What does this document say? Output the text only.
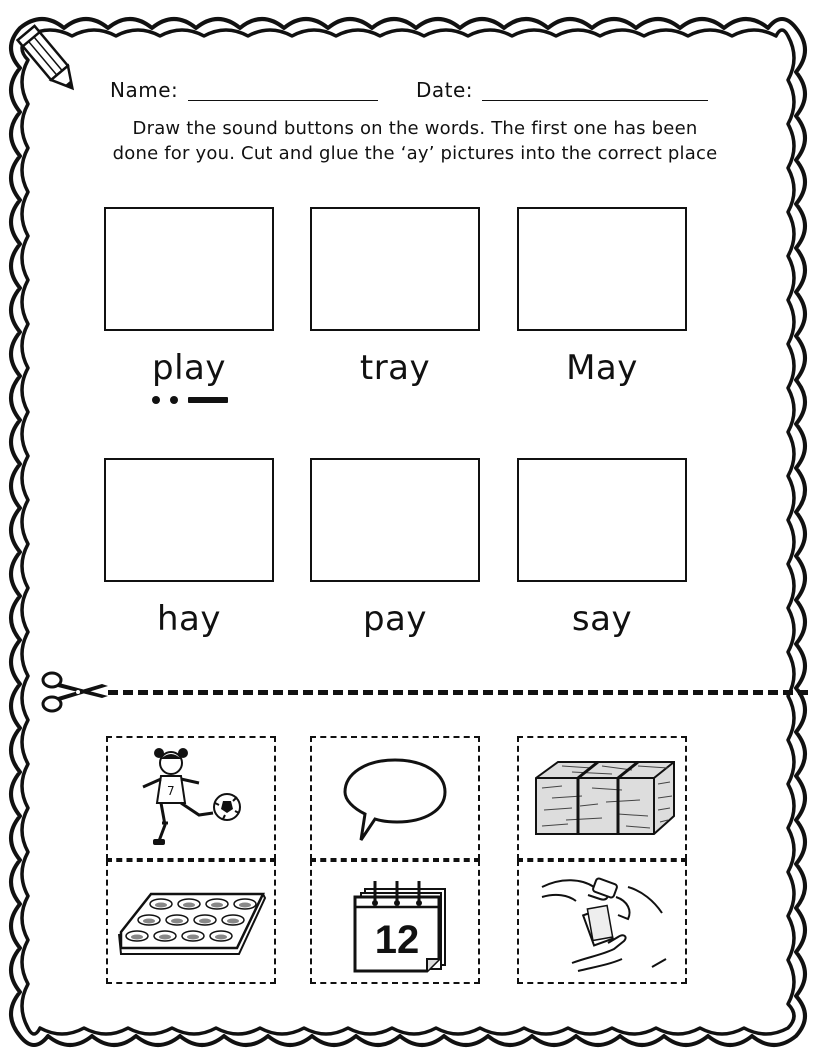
Name:	Date:
Draw the sound buttons on the words. The first one has been done for you. Cut and glue the ‘ay’ pictures into the correct place
play	tray	May
hay	pay	say
7
12
